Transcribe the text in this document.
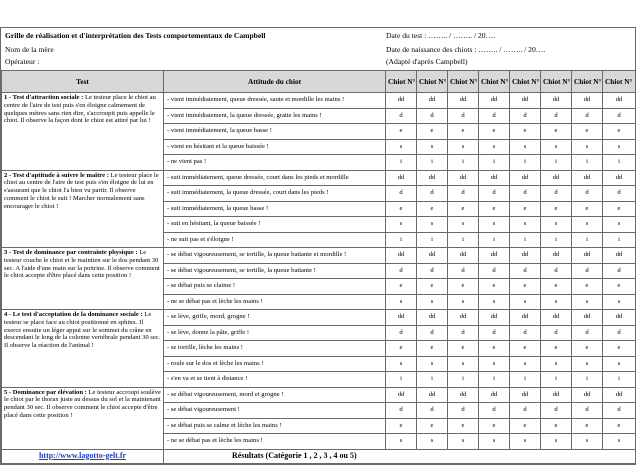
Grille de réalisation et d'interprétation des Tests comportementaux de Campbell	Date du test : …….. / …….. / 20….
Nom de la mère	Date de naissance des chiots : …….. / …….. / 20….
Opérateur :	(Adapté d'après Campbell)
Test	Attitude du chiot	Chiot N°	Chiot N°	Chiot N°	Chiot N°	Chiot N°	Chiot N°	Chiot N°	Chiot N°
1 - Test d'attraction sociale : Le testeur place le chiot au centre de l'aire de test puis s'en éloigne calmement de quelques mètres sans rien dire, s'accroupit puis appelle le chiot. Il observe la façon dont le chiot est attiré par lui !	- vient immédiatement, queue dressée, saute et mordille les mains !	dd	dd	dd	dd	dd	dd	dd	dd
	- vient immédiatement, la queue dressée, gratte les mains !	d	d	d	d	d	d	d	d
	- vient immédiatement, la queue basse !	e	e	e	e	e	e	e	e
	- vient en hésitant et la queue baissée !	s	s	s	s	s	s	s	s
	- ne vient pas !	i	i	i	i	i	i	i	i
2 - Test d'aptitude à suivre le maître : Le testeur place le chiot au centre de l'aire de test puis s'en éloigne de lui en s'assurant que le chiot l'a bien vu partir. Il observe comment le chiot le suit ! Marcher normalement sans encourager le chiot !	- suit immédiatement, queue dressée, court dans les pieds et mordille	dd	dd	dd	dd	dd	dd	dd	dd
	- suit immédiatement, la queue dressée, court dans les pieds !	d	d	d	d	d	d	d	d
	- suit immédiatement, la queue basse !	e	e	e	e	e	e	e	e
	- suit en hésitant, la queue baissée !	s	s	s	s	s	s	s	s
	- ne suit pas et s'éloigne !	i	i	i	i	i	i	i	i
3 - Test de dominance par contrainte physique : Le testeur couche le chiot et le maintien sur le dos pendant 30 sec. A l'aide d'une main sur la poitrine. Il observe comment le chiot accepte d'être placé dans cette position !	- se débat vigoureusement, se tortille, la queue battante et mordille !	dd	dd	dd	dd	dd	dd	dd	dd
	- se débat vigoureusement, se tortille, la queue battante !	d	d	d	d	d	d	d	d
	- se débat puis se claime !	e	e	e	e	e	e	e	e
	- ne se débat pas et lèche les mains !	s	s	s	s	s	s	s	s
4 - Le test d'acceptation de la dominance sociale : Le testeur se place face au chiot positionné en sphinx. Il exerce ensuite un léger appui sur le sommet du crâne en descendant le long de la colonne vertébrale pendant 30 sec. Il observe la réaction de l'animal !	- se lève, griffe, mord, grogne !	dd	dd	dd	dd	dd	dd	dd	dd
	- se lève, donne la pâte, griffe !	d	d	d	d	d	d	d	d
	- se tortille, lèche les mains !	e	e	e	e	e	e	e	e
	- roule sur le dos et lèche les mains !	s	s	s	s	s	s	s	s
	- s'en va et se tient à distance !	i	i	i	i	i	i	i	i
5 - Dominance par élévation : Le testeur accroupi soulève le chiot par le thorax juste au dessus du sol et la maintenant pendant 30 sec. Il observe comment le chiot accepte d'être placé dans cette position !	- se débat vigoureusement, mord et grogne !	dd	dd	dd	dd	dd	dd	dd	dd
	- se débat vigoureusement !	d	d	d	d	d	d	d	d
	- se débat puis se calme et lèche les mains !	e	e	e	e	e	e	e	e
	- ne se débat pas et lèche les mains !	s	s	s	s	s	s	s	s
http://www.lagotto-gelt.fr	Résultats (Catégorie 1 , 2 , 3 , 4 ou 5)								
